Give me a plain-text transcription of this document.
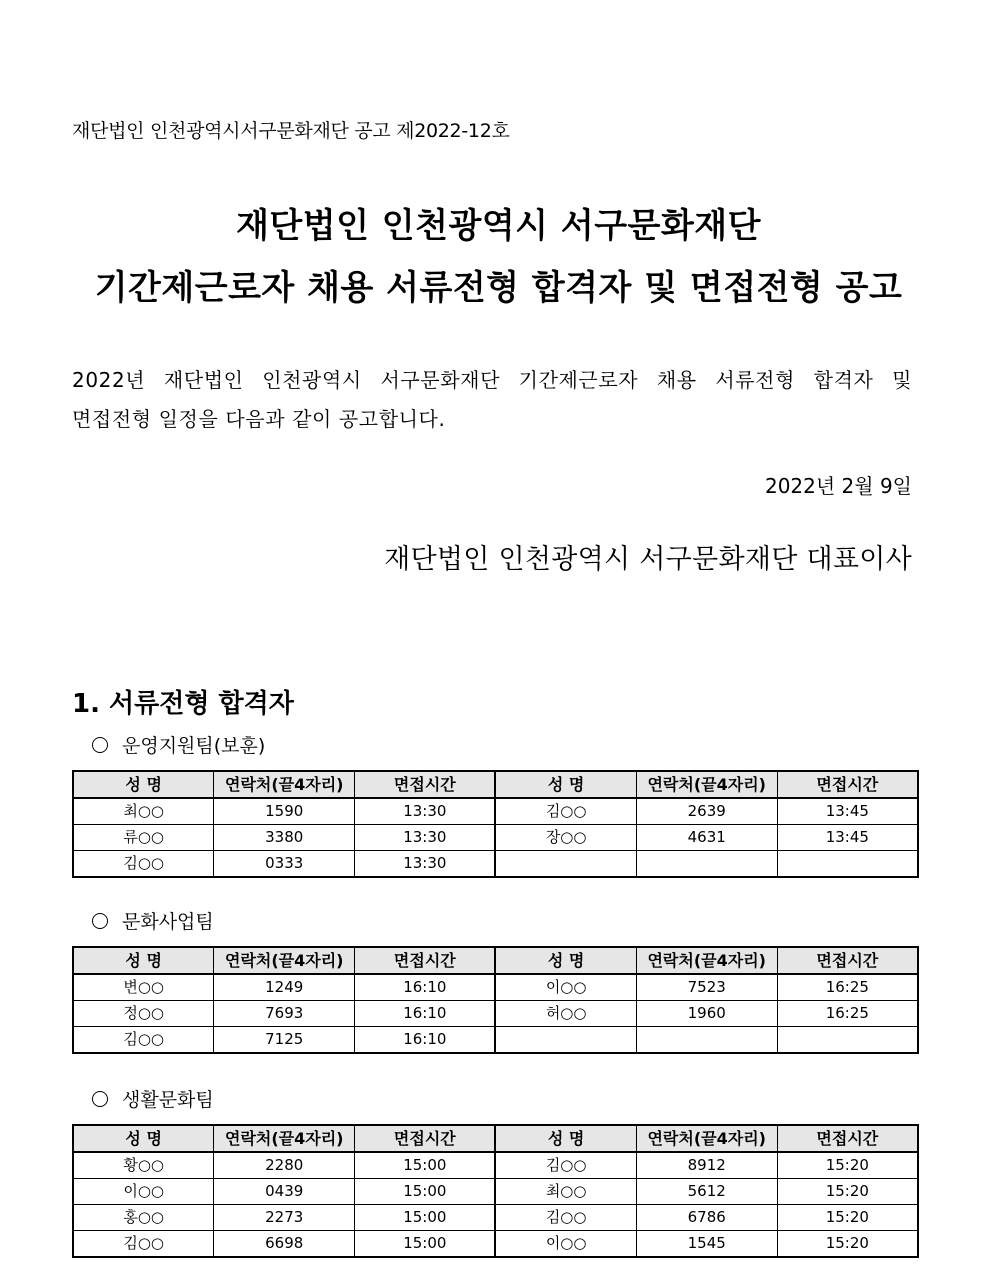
재단법인 인천광역시서구문화재단 공고 제2022-12호
재단법인 인천광역시 서구문화재단
기간제근로자 채용 서류전형 합격자 및 면접전형 공고
2022년 재단법인 인천광역시 서구문화재단 기간제근로자 채용 서류전형 합격자 및
면접전형 일정을 다음과 같이 공고합니다.
2022년 2월 9일
재단법인 인천광역시 서구문화재단 대표이사
1. 서류전형 합격자
운영지원팀(보훈)
성 명	연락처(끝4자리)	면접시간	성 명	연락처(끝4자리)	면접시간
최○○	1590	13:30	김○○	2639	13:45
류○○	3380	13:30	장○○	4631	13:45
김○○	0333	13:30			
문화사업팀
성 명	연락처(끝4자리)	면접시간	성 명	연락처(끝4자리)	면접시간
변○○	1249	16:10	이○○	7523	16:25
정○○	7693	16:10	허○○	1960	16:25
김○○	7125	16:10			
생활문화팀
성 명	연락처(끝4자리)	면접시간	성 명	연락처(끝4자리)	면접시간
황○○	2280	15:00	김○○	8912	15:20
이○○	0439	15:00	최○○	5612	15:20
홍○○	2273	15:00	김○○	6786	15:20
김○○	6698	15:00	이○○	1545	15:20
